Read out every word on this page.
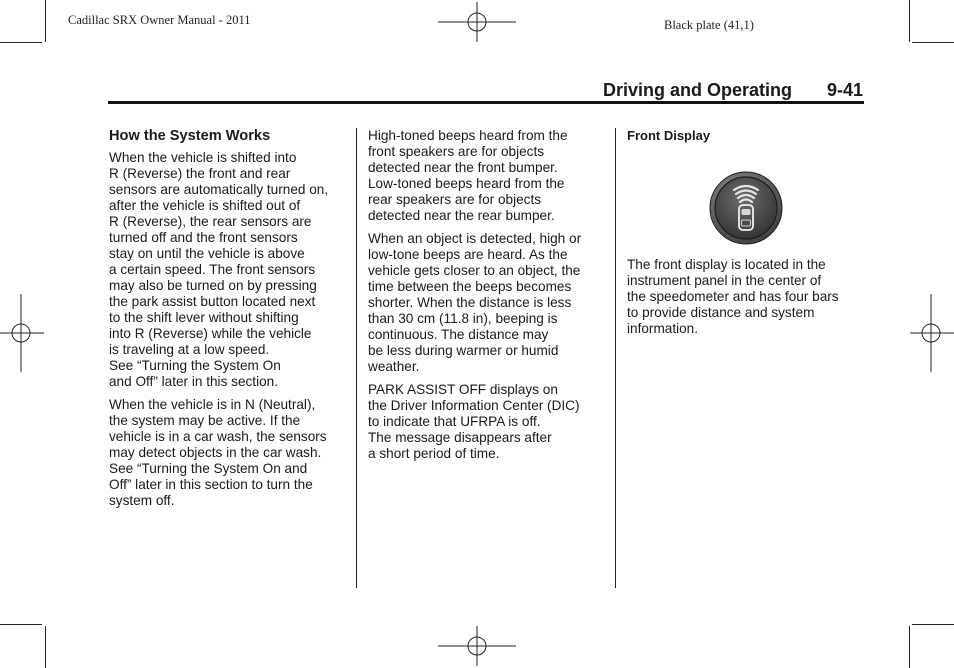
Cadillac SRX Owner Manual - 2011	Black plate (41,1)
Driving and Operating 9-41
How the System Works

When the vehicle is shifted into
R (Reverse) the front and rear
sensors are automatically turned on,
after the vehicle is shifted out of
R (Reverse), the rear sensors are
turned off and the front sensors
stay on until the vehicle is above
a certain speed. The front sensors
may also be turned on by pressing
the park assist button located next
to the shift lever without shifting
into R (Reverse) while the vehicle
is traveling at a low speed.
See “Turning the System On
and Off” later in this section.

When the vehicle is in N (Neutral),
the system may be active. If the
vehicle is in a car wash, the sensors
may detect objects in the car wash.
See “Turning the System On and
Off” later in this section to turn the
system off.

High-toned beeps heard from the
front speakers are for objects
detected near the front bumper.
Low-toned beeps heard from the
rear speakers are for objects
detected near the rear bumper.

When an object is detected, high or
low-tone beeps are heard. As the
vehicle gets closer to an object, the
time between the beeps becomes
shorter. When the distance is less
than 30 cm (11.8 in), beeping is
continuous. The distance may
be less during warmer or humid
weather.

PARK ASSIST OFF displays on
the Driver Information Center (DIC)
to indicate that UFRPA is off.
The message disappears after
a short period of time.

Front Display

The front display is located in the
instrument panel in the center of
the speedometer and has four bars
to provide distance and system
information.
